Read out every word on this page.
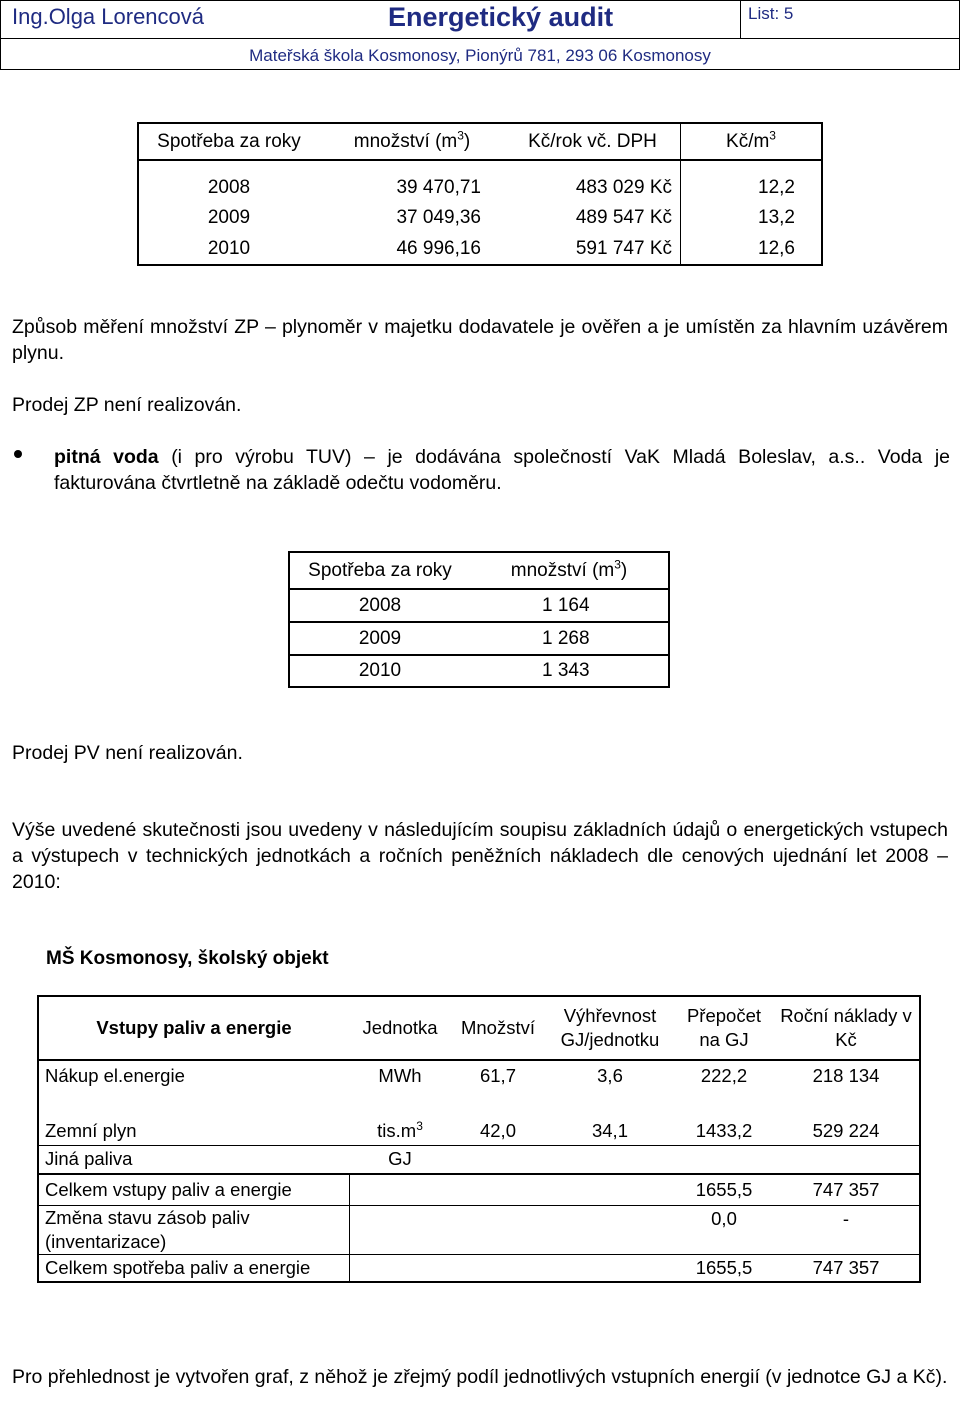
Ing.Olga Lorencová	Energetický audit	List: 5
Mateřská škola Kosmonosy, Pionýrů 781, 293 06 Kosmonosy
Spotřeba za roky	množství $(m^3)$	Kč/rok vč. DPH	$Kč/m^3$

2008	39 470,71	483 029 Kč	12,2
2009	37 049,36	489 547 Kč	13,2
2010	46 996,16	591 747 Kč	12,6
Způsob měření množství ZP – plynoměr v majetku dodavatele je ověřen a je umístěn za hlavním uzávěrem plynu.
Prodej ZP není realizován.
pitná voda (i pro výrobu TUV) – je dodávána společností VaK Mladá Boleslav, a.s.. Voda je fakturována čtvrtletně na základě odečtu vodoměru.
Spotřeba za roky	množství $(m^3)$
2008	1 164
2009	1 268
2010	1 343
Prodej PV není realizován.
Výše uvedené skutečnosti jsou uvedeny v následujícím soupisu základních údajů o energetických vstupech a výstupech v technických jednotkách a ročních peněžních nákladech dle cenových ujednání let 2008 – 2010:
MŠ Kosmonosy, školský objekt
Vstupy paliv a energie	Jednotka	Množství	Výhřevnost GJ/jednotku	Přepočet na GJ	Roční náklady v Kč
Nákup el.energie	MWh	61,7	3,6	222,2	218 134

Zemní plyn	$tis.m^3$	42,0	34,1	1433,2	529 224
Jiná paliva	GJ				
Celkem vstupy paliv a energie				1655,5	747 357
Změna stavu zásob paliv (inventarizace)				0,0	-
Celkem spotřeba paliv a energie				1655,5	747 357
Pro přehlednost je vytvořen graf, z něhož je zřejmý podíl jednotlivých vstupních energií (v jednotce GJ a Kč).
